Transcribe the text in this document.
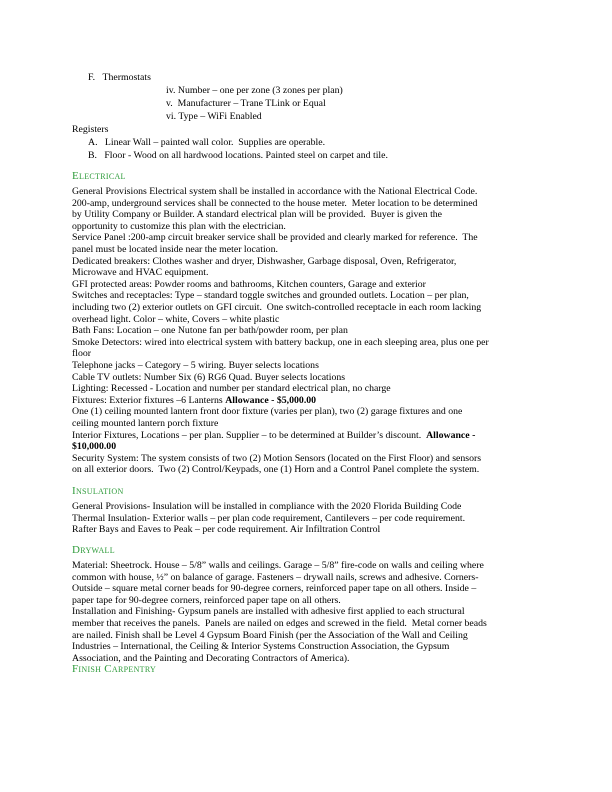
F.   Thermostats
iv. Number – one per zone (3 zones per plan)
v.  Manufacturer – Trane TLink or Equal
vi. Type – WiFi Enabled
Registers
A.   Linear Wall – painted wall color.  Supplies are operable.
B.   Floor - Wood on all hardwood locations. Painted steel on carpet and tile.
Electrical
General Provisions Electrical system shall be installed in accordance with the National Electrical Code.
200-amp, underground services shall be connected to the house meter.  Meter location to be determined
by Utility Company or Builder. A standard electrical plan will be provided.  Buyer is given the
opportunity to customize this plan with the electrician.
Service Panel :200-amp circuit breaker service shall be provided and clearly marked for reference.  The
panel must be located inside near the meter location.
Dedicated breakers: Clothes washer and dryer, Dishwasher, Garbage disposal, Oven, Refrigerator,
Microwave and HVAC equipment.
GFI protected areas: Powder rooms and bathrooms, Kitchen counters, Garage and exterior
Switches and receptacles: Type – standard toggle switches and grounded outlets. Location – per plan,
including two (2) exterior outlets on GFI circuit.  One switch-controlled receptacle in each room lacking
overhead light. Color – white, Covers – white plastic
Bath Fans: Location – one Nutone fan per bath/powder room, per plan
Smoke Detectors: wired into electrical system with battery backup, one in each sleeping area, plus one per
floor
Telephone jacks – Category – 5 wiring. Buyer selects locations
Cable TV outlets: Number Six (6) RG6 Quad. Buyer selects locations
Lighting: Recessed - Location and number per standard electrical plan, no charge
Fixtures: Exterior fixtures –6 Lanterns Allowance - $5,000.00
One (1) ceiling mounted lantern front door fixture (varies per plan), two (2) garage fixtures and one
ceiling mounted lantern porch fixture
Interior Fixtures, Locations – per plan. Supplier – to be determined at Builder’s discount.  Allowance -
$10,000.00
Security System: The system consists of two (2) Motion Sensors (located on the First Floor) and sensors
on all exterior doors.  Two (2) Control/Keypads, one (1) Horn and a Control Panel complete the system.
Insulation
General Provisions- Insulation will be installed in compliance with the 2020 Florida Building Code
Thermal Insulation- Exterior walls – per plan code requirement, Cantilevers – per code requirement.
Rafter Bays and Eaves to Peak – per code requirement. Air Infiltration Control
Drywall
Material: Sheetrock. House – 5/8” walls and ceilings. Garage – 5/8” fire-code on walls and ceiling where
common with house, ½” on balance of garage. Fasteners – drywall nails, screws and adhesive. Corners-
Outside – square metal corner beads for 90-degree corners, reinforced paper tape on all others. Inside –
paper tape for 90-degree corners, reinforced paper tape on all others.
Installation and Finishing- Gypsum panels are installed with adhesive first applied to each structural
member that receives the panels.  Panels are nailed on edges and screwed in the field.  Metal corner beads
are nailed. Finish shall be Level 4 Gypsum Board Finish (per the Association of the Wall and Ceiling
Industries – International, the Ceiling & Interior Systems Construction Association, the Gypsum
Association, and the Painting and Decorating Contractors of America).
Finish Carpentry
